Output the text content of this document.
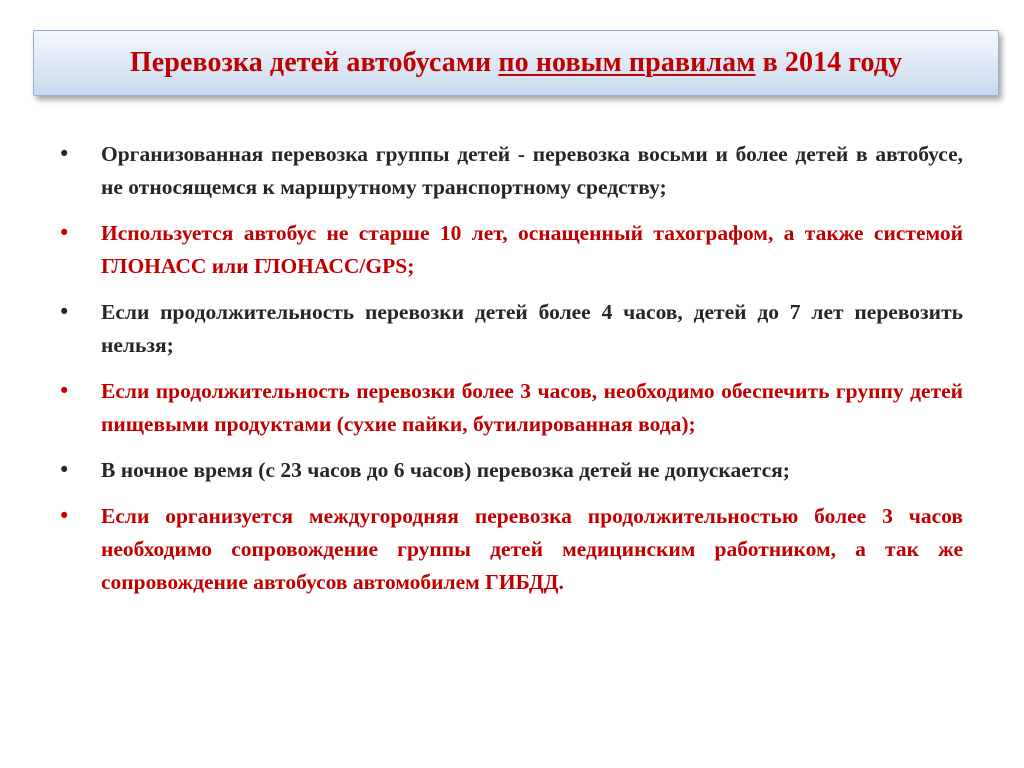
Перевозка детей автобусами по новым правилам в 2014 году
• Организованная перевозка группы детей - перевозка восьми и более детей в автобусе, не относящемся к маршрутному транспортному средству;
• Используется автобус не старше 10 лет, оснащенный тахографом, а также системой ГЛОНАСС или ГЛОНАСС/GPS;
• Если продолжительность перевозки детей более 4 часов, детей до 7 лет перевозить нельзя;
• Если продолжительность перевозки более 3 часов, необходимо обеспечить группу детей пищевыми продуктами (сухие пайки, бутилированная вода);
• В ночное время (с 23 часов до 6 часов) перевозка детей не допускается;
• Если организуется междугородняя перевозка продолжительностью более 3 часов необходимо сопровождение группы детей медицинским работником, а так же сопровождение автобусов автомобилем ГИБДД.
